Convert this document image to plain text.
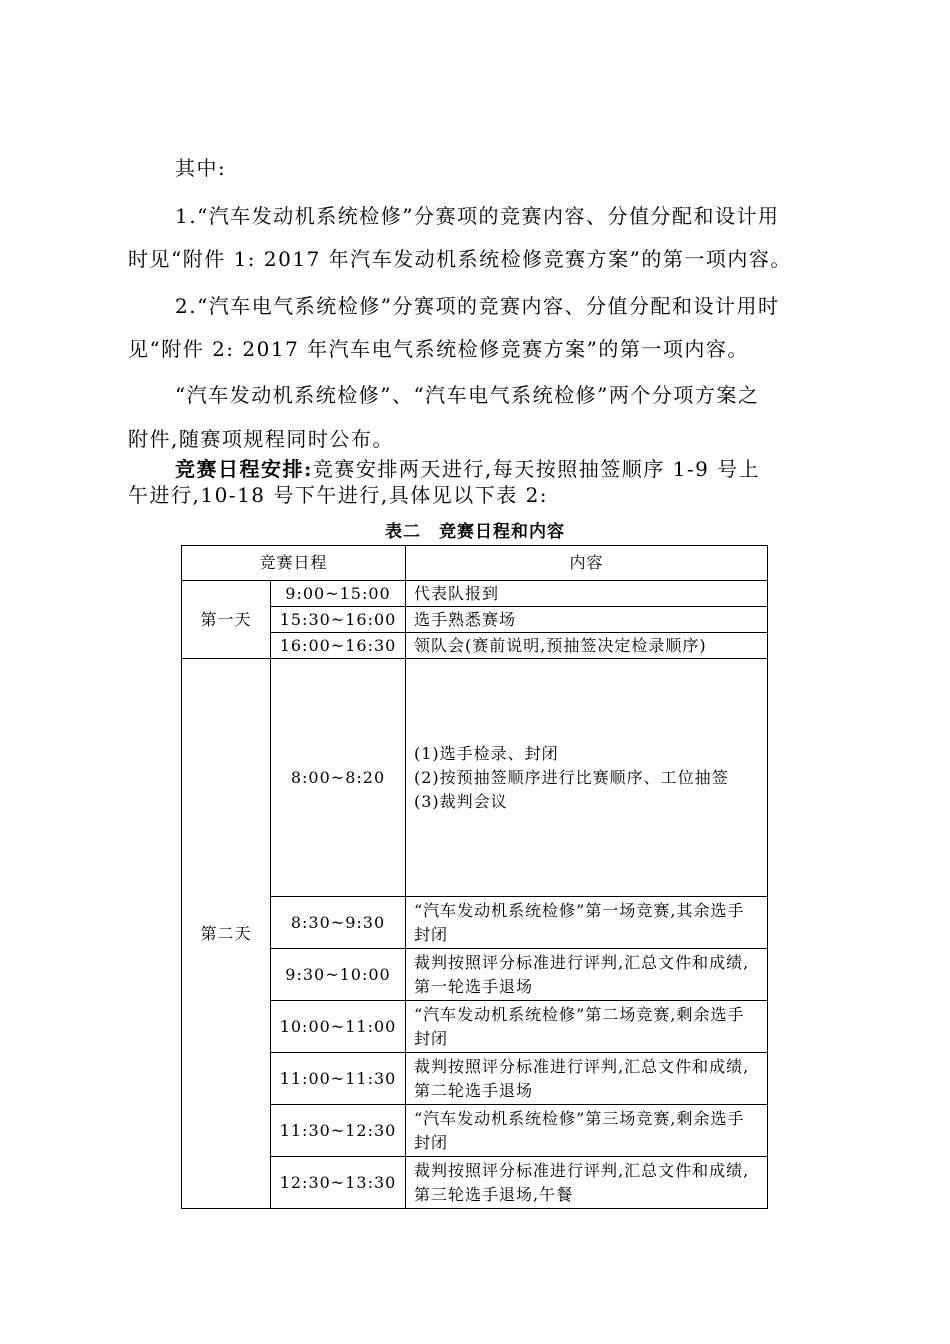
其中:
1.“汽车发动机系统检修”分赛项的竞赛内容、分值分配和设计用
时见“附件 1: 2017 年汽车发动机系统检修竞赛方案”的第一项内容。
2.“汽车电气系统检修”分赛项的竞赛内容、分值分配和设计用时
见“附件 2: 2017 年汽车电气系统检修竞赛方案”的第一项内容。
“汽车发动机系统检修”、“汽车电气系统检修”两个分项方案之
附件,随赛项规程同时公布。
竞赛日程安排:竞赛安排两天进行,每天按照抽签顺序 1-9 号上
午进行,10-18 号下午进行,具体见以下表 2:
表二　竞赛日程和内容
竞赛日程		内容
第一天	9:00~15:00	代表队报到
	15:30~16:00	选手熟悉赛场
	16:00~16:30	领队会(赛前说明,预抽签决定检录顺序)
第二天	8:00~8:20	(1)选手检录、封闭
(2)按预抽签顺序进行比赛顺序、工位抽签
(3)裁判会议

	8:30~9:30	“汽车发动机系统检修”第一场竞赛,其余选手封闭
	9:30~10:00	裁判按照评分标准进行评判,汇总文件和成绩,第一轮选手退场
	10:00~11:00	“汽车发动机系统检修”第二场竞赛,剩余选手封闭
	11:00~11:30	裁判按照评分标准进行评判,汇总文件和成绩,第二轮选手退场
	11:30~12:30	“汽车发动机系统检修”第三场竞赛,剩余选手封闭
	12:30~13:30	裁判按照评分标准进行评判,汇总文件和成绩,第三轮选手退场,午餐
